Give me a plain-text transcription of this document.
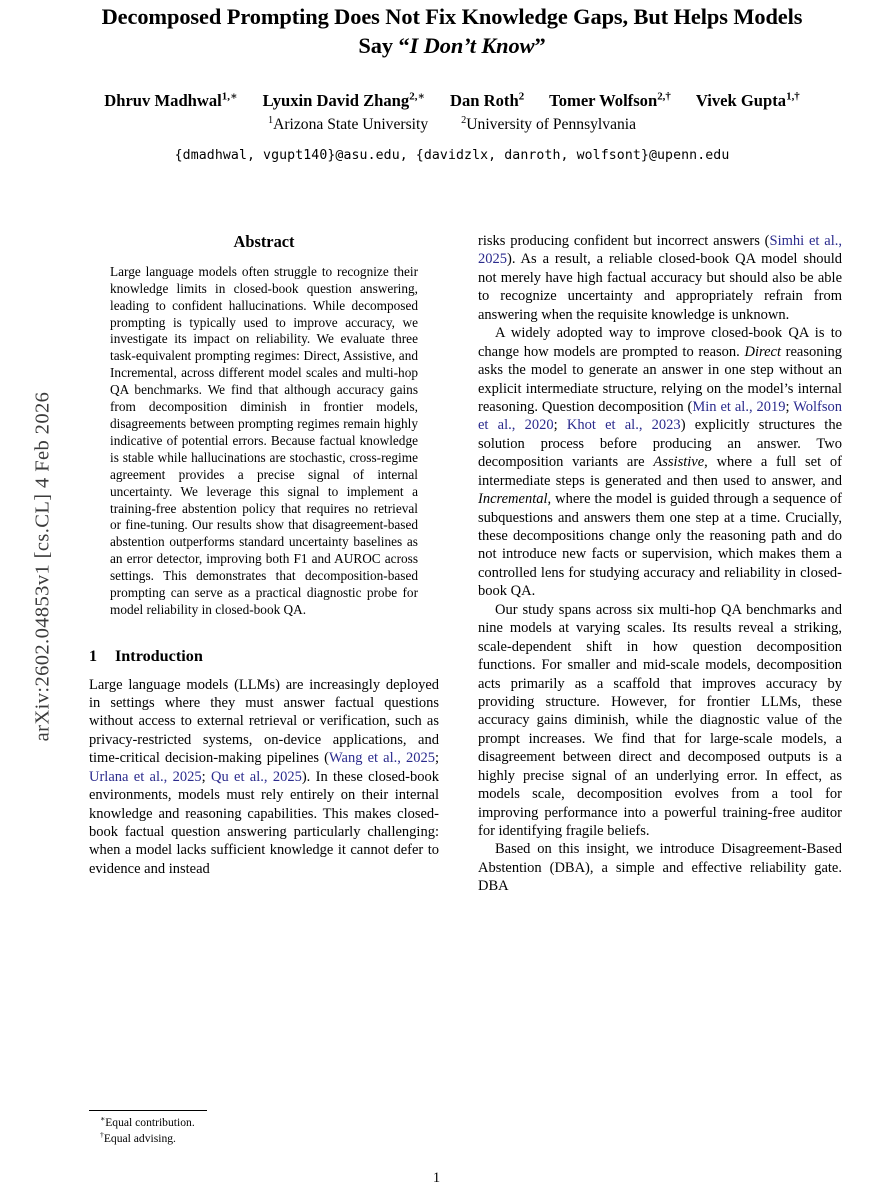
arXiv:2602.04853v1 [cs.CL] 4 Feb 2026
Decomposed Prompting Does Not Fix Knowledge Gaps, But Helps Models
Say “I Don’t Know”
Dhruv Madhwal$^{1,∗}$ Lyuxin David Zhang$^{2,∗}$ Dan Roth$^2$ Tomer Wolfson$^{2,\dagger}$ Vivek Gupta$^{1,\dagger}$
$^1$Arizona State University	$^2$University of Pennsylvania
{dmadhwal, vgupt140}@asu.edu, {davidzlx, danroth, wolfsont}@upenn.edu
Abstract

Large language models often struggle to recognize their knowledge limits in closed-book question answering, leading to confident hallucinations. While decomposed prompting is typically used to improve accuracy, we investigate its impact on reliability. We evaluate three task-equivalent prompting regimes: Direct, Assistive, and Incremental, across different model scales and multi-hop QA benchmarks. We find that although accuracy gains from decomposition diminish in frontier models, disagreements between prompting regimes remain highly indicative of potential errors. Because factual knowledge is stable while hallucinations are stochastic, cross-regime agreement provides a precise signal of internal uncertainty. We leverage this signal to implement a training-free abstention policy that requires no retrieval or fine-tuning. Our results show that disagreement-based abstention outperforms standard uncertainty baselines as an error detector, improving both F1 and AUROC across settings. This demonstrates that decomposition-based prompting can serve as a practical diagnostic probe for model reliability in closed-book QA.

1 Introduction

Large language models (LLMs) are increasingly deployed in settings where they must answer factual questions without access to external retrieval or verification, such as privacy-restricted systems, on-device applications, and time-critical decision-making pipelines (Wang et al., 2025; Urlana et al., 2025; Qu et al., 2025). In these closed-book environments, models must rely entirely on their internal knowledge and reasoning capabilities. This makes closed-book factual question answering particularly challenging: when a model lacks sufficient knowledge it cannot defer to evidence and instead

risks producing confident but incorrect answers (Simhi et al., 2025). As a result, a reliable closed-book QA model should not merely have high factual accuracy but should also be able to recognize uncertainty and appropriately refrain from answering when the requisite knowledge is unknown.

A widely adopted way to improve closed-book QA is to change how models are prompted to reason. Direct reasoning asks the model to generate an answer in one step without an explicit intermediate structure, relying on the model’s internal reasoning. Question decomposition (Min et al., 2019; Wolfson et al., 2020; Khot et al., 2023) explicitly structures the solution process before producing an answer. Two decomposition variants are Assistive, where a full set of intermediate steps is generated and then used to answer, and Incremental, where the model is guided through a sequence of subquestions and answers them one step at a time. Crucially, these decompositions change only the reasoning path and do not introduce new facts or supervision, which makes them a controlled lens for studying accuracy and reliability in closed-book QA.

Our study spans across six multi-hop QA benchmarks and nine models at varying scales. Its results reveal a striking, scale-dependent shift in how question decomposition functions. For smaller and mid-scale models, decomposition acts primarily as a scaffold that improves accuracy by providing structure. However, for frontier LLMs, these accuracy gains diminish, while the diagnostic value of the prompt increases. We find that for large-scale models, a disagreement between direct and decomposed outputs is a highly precise signal of an underlying error. In effect, as models scale, decomposition evolves from a tool for improving performance into a powerful training-free auditor for identifying fragile beliefs.

Based on this insight, we introduce Disagreement-Based Abstention (DBA), a simple and effective reliability gate. DBA

∗Equal contribution.
†Equal advising.
1
